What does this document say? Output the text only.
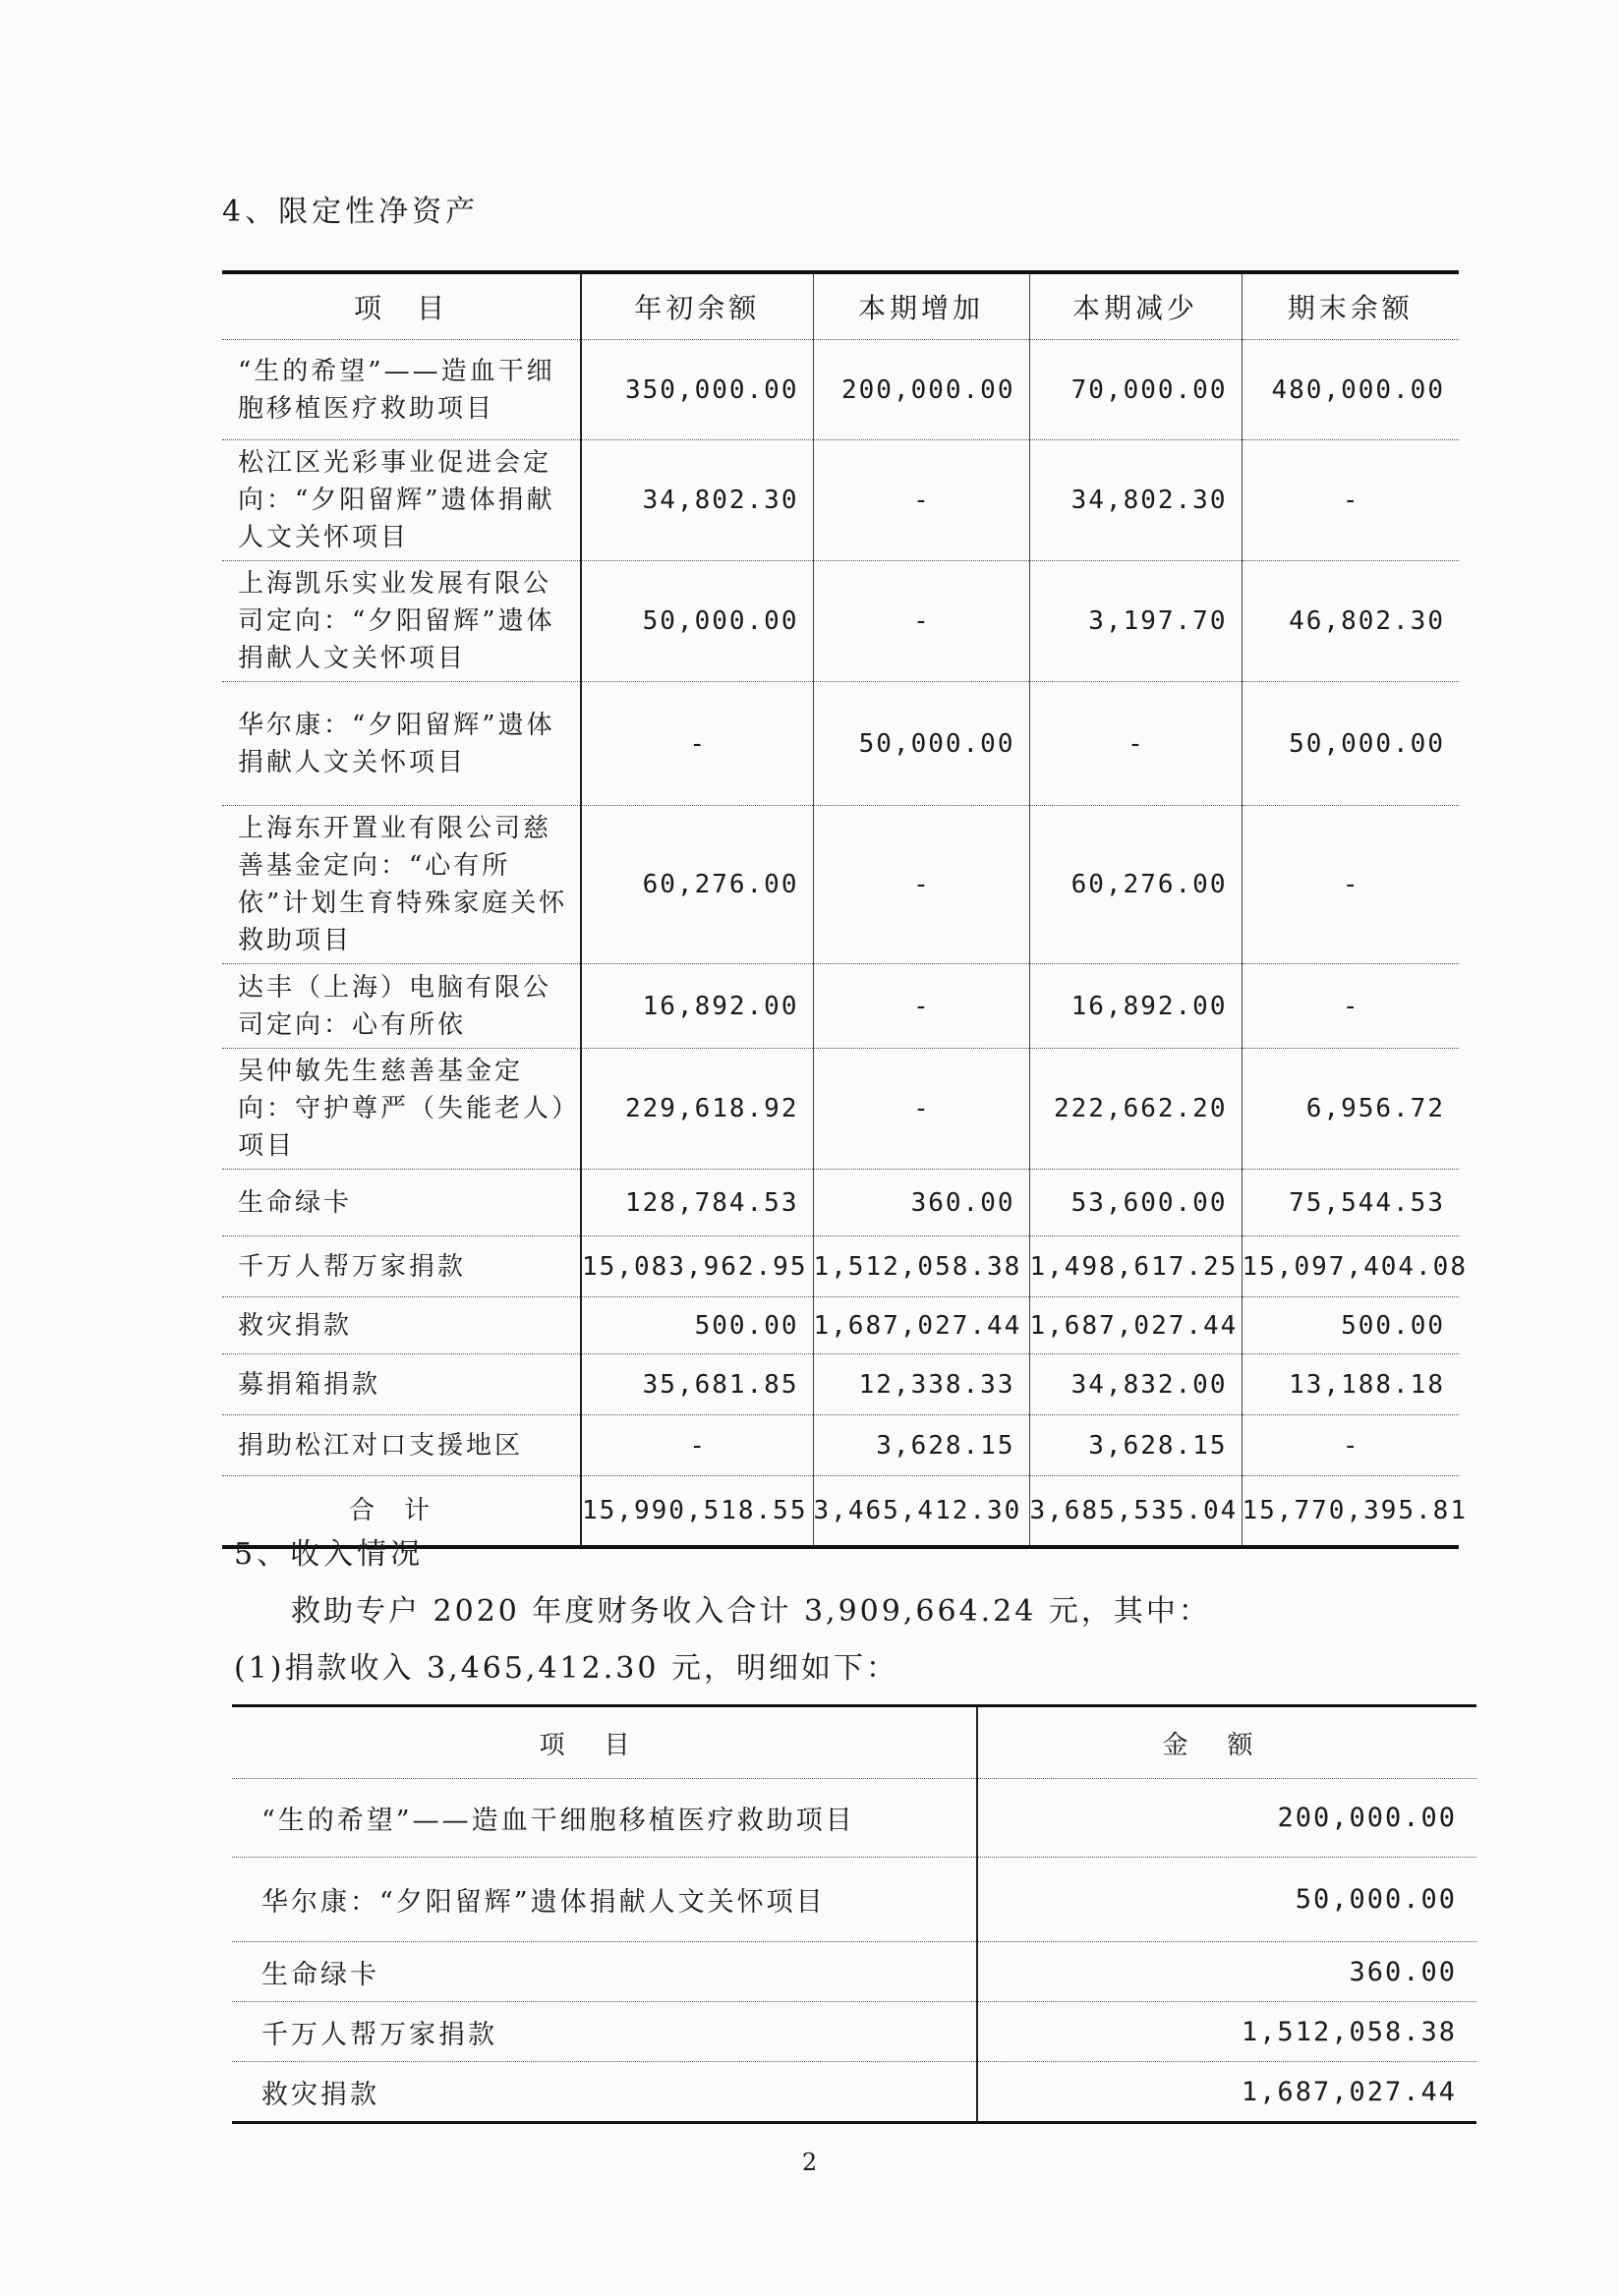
4、限定性净资产
项　目	年初余额	本期增加	本期减少	期末余额
“生的希望”——造血干细胞移植医疗救助项目	350,000.00	200,000.00	70,000.00	480,000.00
松江区光彩事业促进会定向：“夕阳留辉”遗体捐献人文关怀项目	34,802.30	-	34,802.30	-
上海凯乐实业发展有限公司定向：“夕阳留辉”遗体捐献人文关怀项目	50,000.00	-	3,197.70	46,802.30
华尔康：“夕阳留辉”遗体捐献人文关怀项目	-	50,000.00	-	50,000.00
上海东开置业有限公司慈善基金定向：“心有所依”计划生育特殊家庭关怀救助项目	60,276.00	-	60,276.00	-
达丰（上海）电脑有限公司定向：心有所依	16,892.00	-	16,892.00	-
吴仲敏先生慈善基金定向：守护尊严（失能老人）项目	229,618.92	-	222,662.20	6,956.72
生命绿卡	128,784.53	360.00	53,600.00	75,544.53
千万人帮万家捐款	15,083,962.95	1,512,058.38	1,498,617.25	15,097,404.08
救灾捐款	500.00	1,687,027.44	1,687,027.44	500.00
募捐箱捐款	35,681.85	12,338.33	34,832.00	13,188.18
捐助松江对口支援地区	-	3,628.15	3,628.15	-
合计	15,990,518.55	3,465,412.30	3,685,535.04	15,770,395.81
5、收入情况
救助专户 2020 年度财务收入合计 3,909,664.24 元，其中：
(1)捐款收入 3,465,412.30 元，明细如下：
项目	金额
“生的希望”——造血干细胞移植医疗救助项目	200,000.00
华尔康：“夕阳留辉”遗体捐献人文关怀项目	50,000.00
生命绿卡	360.00
千万人帮万家捐款	1,512,058.38
救灾捐款	1,687,027.44
2
